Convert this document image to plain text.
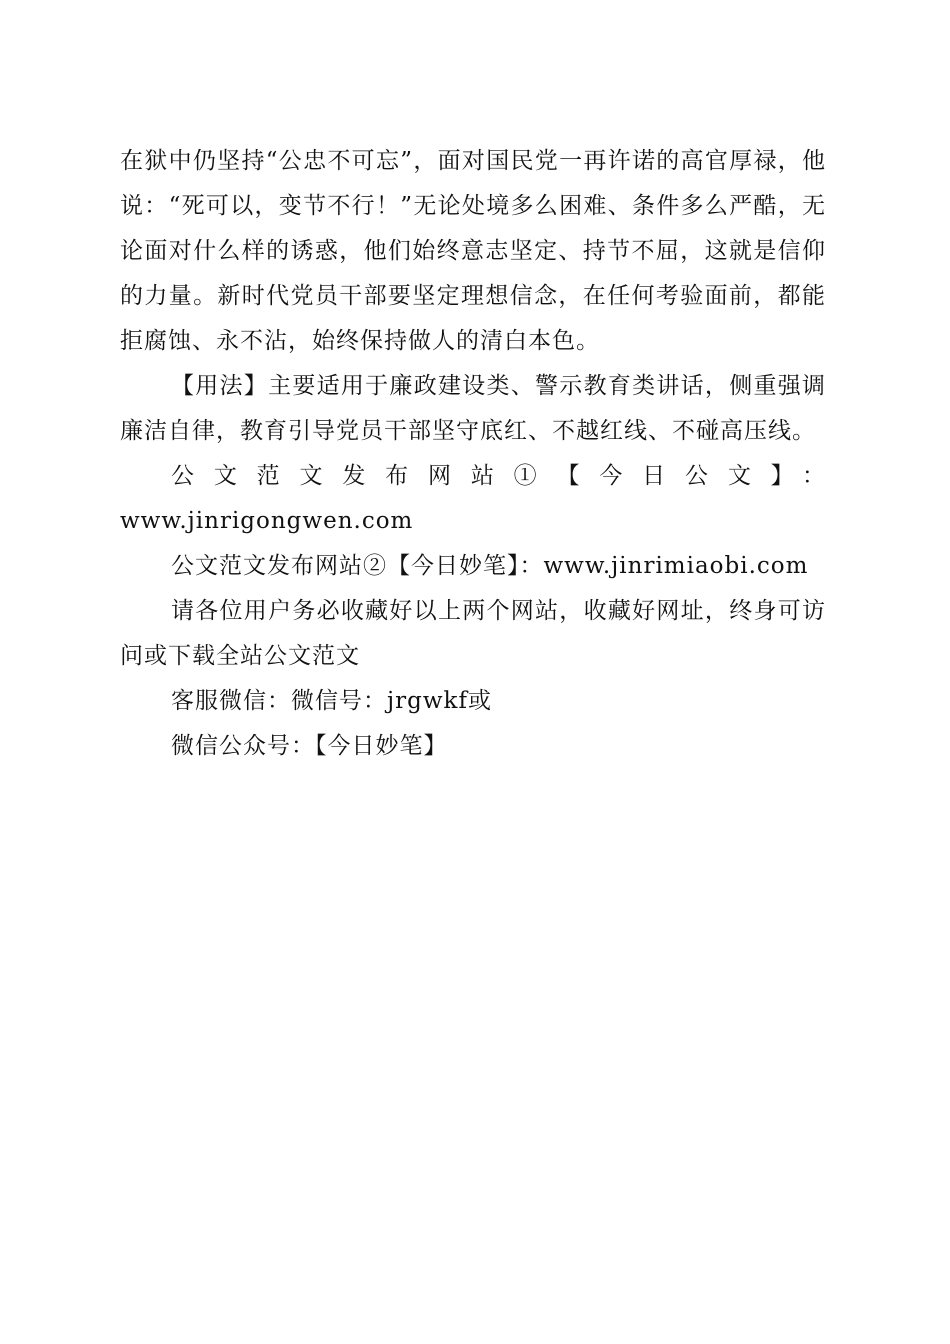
在狱中仍坚持“公忠不可忘”，面对国民党一再许诺的高官厚禄，他说：“死可以，变节不行！”无论处境多么困难、条件多么严酷，无论面对什么样的诱惑，他们始终意志坚定、持节不屈，这就是信仰的力量。新时代党员干部要坚定理想信念，在任何考验面前，都能拒腐蚀、永不沾，始终保持做人的清白本色。

【用法】主要适用于廉政建设类、警示教育类讲话，侧重强调廉洁自律，教育引导党员干部坚守底红、不越红线、不碰高压线。

公文范文发布网站①【今日公文】：

www.jinrigongwen.com

公文范文发布网站②【今日妙笔】：www.jinrimiaobi.com

请各位用户务必收藏好以上两个网站，收藏好网址，终身可访问或下载全站公文范文

客服微信：微信号：jrgwkf或

微信公众号：【今日妙笔】
